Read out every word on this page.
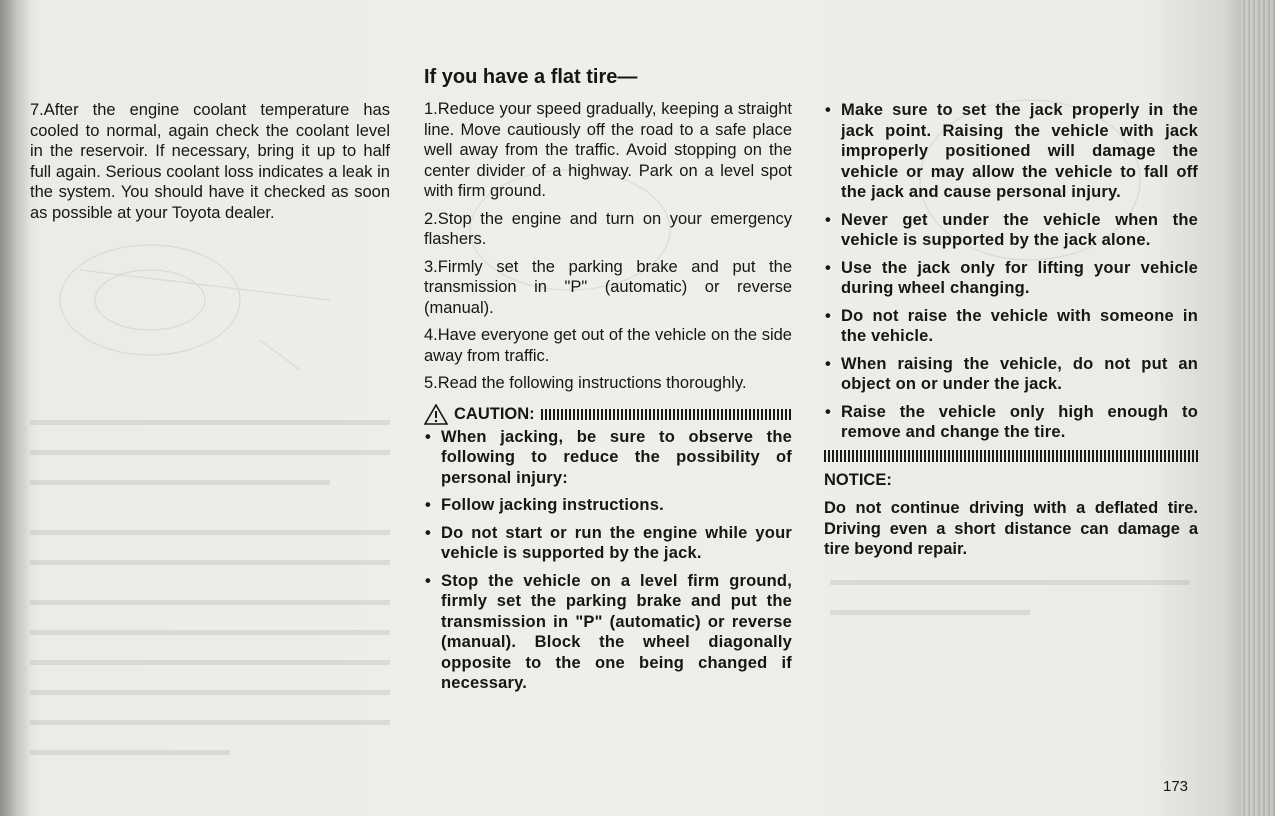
7.After the engine coolant temperature has cooled to normal, again check the coolant level in the reservoir. If necessary, bring it up to half full again. Serious coolant loss indicates a leak in the system. You should have it checked as soon as possible at your Toyota dealer.

If you have a flat tire—

1.Reduce your speed gradually, keeping a straight line. Move cautiously off the road to a safe place well away from the traffic. Avoid stopping on the center divider of a highway. Park on a level spot with firm ground.

2.Stop the engine and turn on your emergency flashers.

3.Firmly set the parking brake and put the transmission in "P" (automatic) or reverse (manual).

4.Have everyone get out of the vehicle on the side away from traffic.

5.Read the following instructions thoroughly.

CAUTION:
• When jacking, be sure to observe the following to reduce the possibility of personal injury:
• Follow jacking instructions.
• Do not start or run the engine while your vehicle is supported by the jack.
• Stop the vehicle on a level firm ground, firmly set the parking brake and put the transmission in "P" (automatic) or reverse (manual). Block the wheel diagonally opposite to the one being changed if necessary.
• Make sure to set the jack properly in the jack point. Raising the vehicle with jack improperly positioned will damage the vehicle or may allow the vehicle to fall off the jack and cause personal injury.
• Never get under the vehicle when the vehicle is supported by the jack alone.
• Use the jack only for lifting your vehicle during wheel changing.
• Do not raise the vehicle with someone in the vehicle.
• When raising the vehicle, do not put an object on or under the jack.
• Raise the vehicle only high enough to remove and change the tire.
NOTICE:
Do not continue driving with a deflated tire. Driving even a short distance can damage a tire beyond repair.
173
